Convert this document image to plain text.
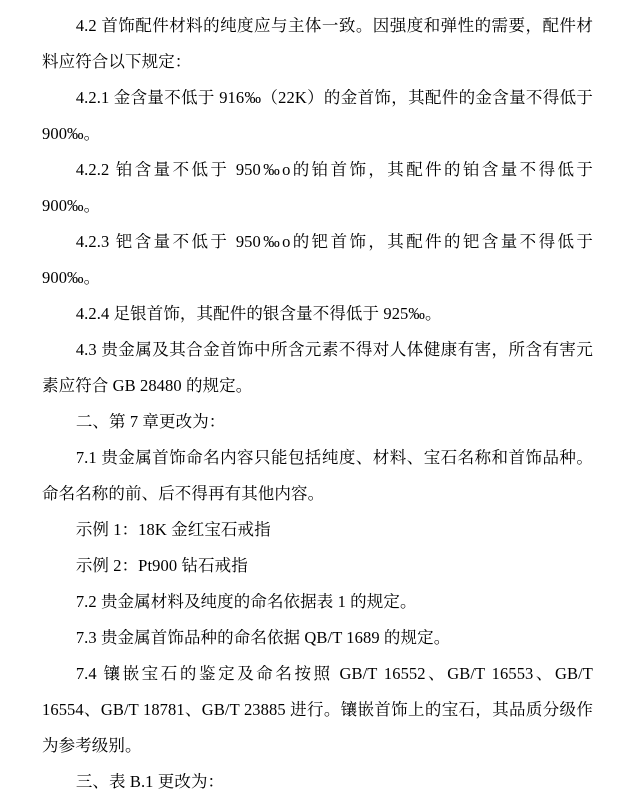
4.2 首饰配件材料的纯度应与主体一致。因强度和弹性的需要，配件材料应符合以下规定：

4.2.1 金含量不低于 916‰（22K）的金首饰，其配件的金含量不得低于 900‰。

4.2.2 铂含量不低于 950‰o的铂首饰，其配件的铂含量不得低于 900‰。

4.2.3 钯含量不低于 950‰o的钯首饰，其配件的钯含量不得低于 900‰。

4.2.4 足银首饰，其配件的银含量不得低于 925‰。

4.3 贵金属及其合金首饰中所含元素不得对人体健康有害，所含有害元素应符合 GB 28480 的规定。

二、第 7 章更改为：

7.1 贵金属首饰命名内容只能包括纯度、材料、宝石名称和首饰品种。命名名称的前、后不得再有其他内容。

示例 1：18K 金红宝石戒指

示例 2：Pt900 钻石戒指

7.2 贵金属材料及纯度的命名依据表 1 的规定。

7.3 贵金属首饰品种的命名依据 QB/T 1689 的规定。

7.4 镶嵌宝石的鉴定及命名按照 GB/T 16552、GB/T 16553、GB/T 16554、GB/T 18781、GB/T 23885 进行。镶嵌首饰上的宝石，其品质分级作为参考级别。

三、表 B.1 更改为：
